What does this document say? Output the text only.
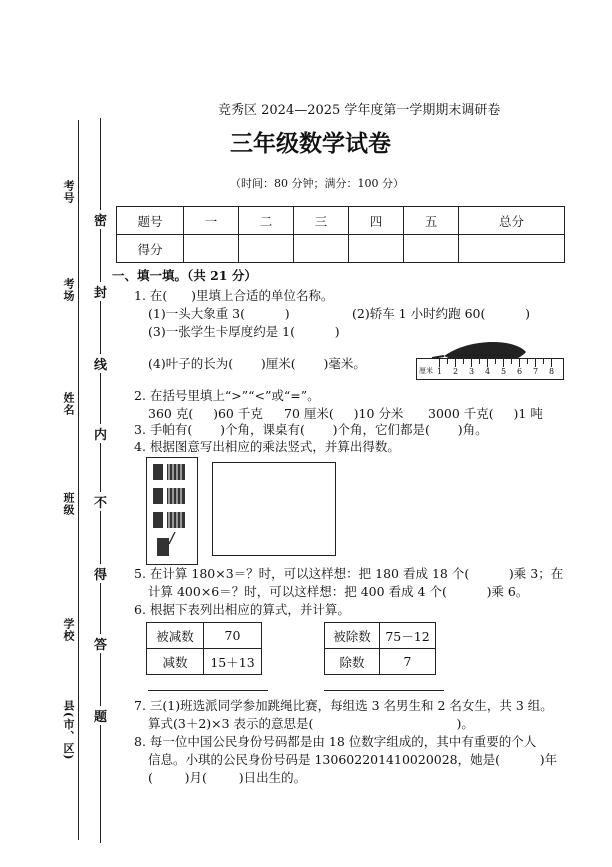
考号
考场
姓名
班级
学校
县(市、区)
密
封
线
内
不
得
答
题
竞秀区 2024—2025 学年度第一学期期末调研卷
三年级数学试卷
（时间：80 分钟；满分：100 分）
题号	一	二	三	四	五	总分
得分						
一、填一填。（共 21 分）
1. 在(      )里填上合适的单位名称。
(1)一头大象重 3(          )	(2)轿车 1 小时约跑 60(          )
(3)一张学生卡厚度约是 1(          )
(4)叶子的长为(       )厘米(       )毫米。	厘米 1 2 3 4 5 6 7 8
2. 在括号里填上“>”“<”或“=”。
360 克(     )60 千克 70 厘米(     )10 分米 3000 千克(     )1 吨
3. 手帕有(       )个角，课桌有(       )个角，它们都是(       )角。
4. 根据图意写出相应的乘法竖式，并算出得数。
5. 在计算 180×3＝？时，可以这样想：把 180 看成 18 个(          )乘 3；在
计算 400×6＝？时，可以这样想：把 400 看成 4 个(          )乘 6。
6. 根据下表列出相应的算式，并计算。
被减数	70
减数	15＋13
被除数	75－12
除数	7
7. 三(1)班选派同学参加跳绳比赛，每组选 3 名男生和 2 名女生，共 3 组。
算式(3＋2)×3 表示的意思是(                                    )。
8. 每一位中国公民身份号码都是由 18 位数字组成的，其中有重要的个人
信息。小琪的公民身份号码是 130602201410020028，她是(          )年
(        )月(        )日出生的。
